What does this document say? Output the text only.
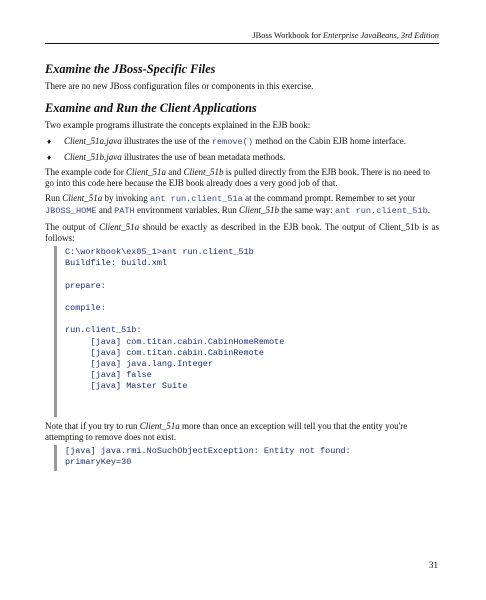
JBoss Workbook for Enterprise JavaBeans, 3rd Edition
Examine the JBoss-Specific Files

There are no new JBoss configuration files or components in this exercise.

Examine and Run the Client Applications

Two example programs illustrate the concepts explained in the EJB book:

♦ Client_51a.java illustrates the use of the remove() method on the Cabin EJB home interface.
♦ Client_51b.java illustrates the use of bean metadata methods.

The example code for Client_51a and Client_51b is pulled directly from the EJB book. There is no need to go into this code here because the EJB book already does a very good job of that.

Run Client_51a by invoking ant run.client_51a at the command prompt. Remember to set your JBOSS_HOME and PATH environment variables. Run Client_51b the same way: ant run.client_51b.

The output of Client_51a should be exactly as described in the EJB book. The output of Client_51b is as follows:

C:\workbook\ex05_1>ant run.client_51b
Buildfile: build.xml
prepare:
compile:
run.client_51b:
[java] com.titan.cabin.CabinHomeRemote
[java] com.titan.cabin.CabinRemote
[java] java.lang.Integer
[java] false
[java] Master Suite

Note that if you try to run Client_51a more than once an exception will tell you that the entity you're attempting to remove does not exist.

[java] java.rmi.NoSuchObjectException: Entity not found:
primaryKey=30
31
